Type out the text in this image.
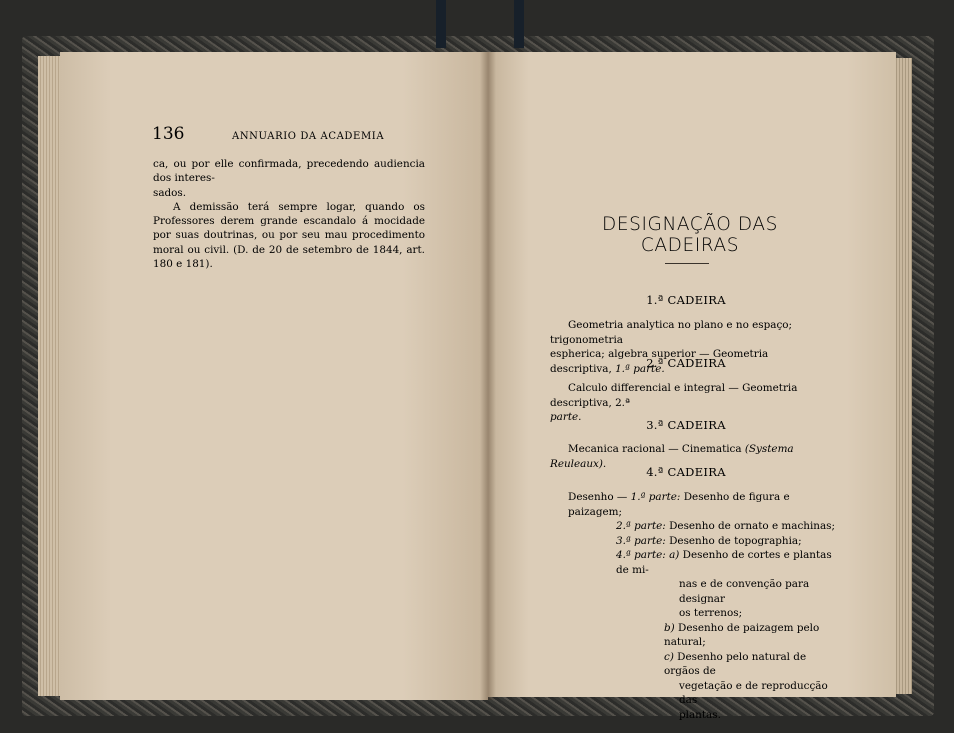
136	ANNUARIO DA ACADEMIA

ca, ou por elle confirmada, precedendo audiencia dos interes-

sados.

A demissão terá sempre logar, quando os Professores derem grande escandalo á mocidade por suas doutrinas, ou por seu mau procedimento moral ou civil. (D. de 20 de setembro de 1844, art. 180 e 181).

DESIGNAÇÃO DAS CADEIRAS
1.ª CADEIRA
Geometria analytica no plano e no espaço; trigonometria
espherica; algebra superior — Geometria descriptiva, 1.ª parte.
2.ª CADEIRA
Calculo differencial e integral — Geometria descriptiva, 2.ª
parte.
3.ª CADEIRA
Mecanica racional — Cinematica (Systema Reuleaux).
4.ª CADEIRA
Desenho — 1.ª parte: Desenho de figura e paizagem;
2.ª parte: Desenho de ornato e machinas;
3.ª parte: Desenho de topographia;
4.ª parte: a) Desenho de cortes e plantas de mi-
nas e de convenção para designar
os terrenos;
b) Desenho de paizagem pelo natural;
c) Desenho pelo natural de orgãos de
vegetação e de reproducção das
plantas.
